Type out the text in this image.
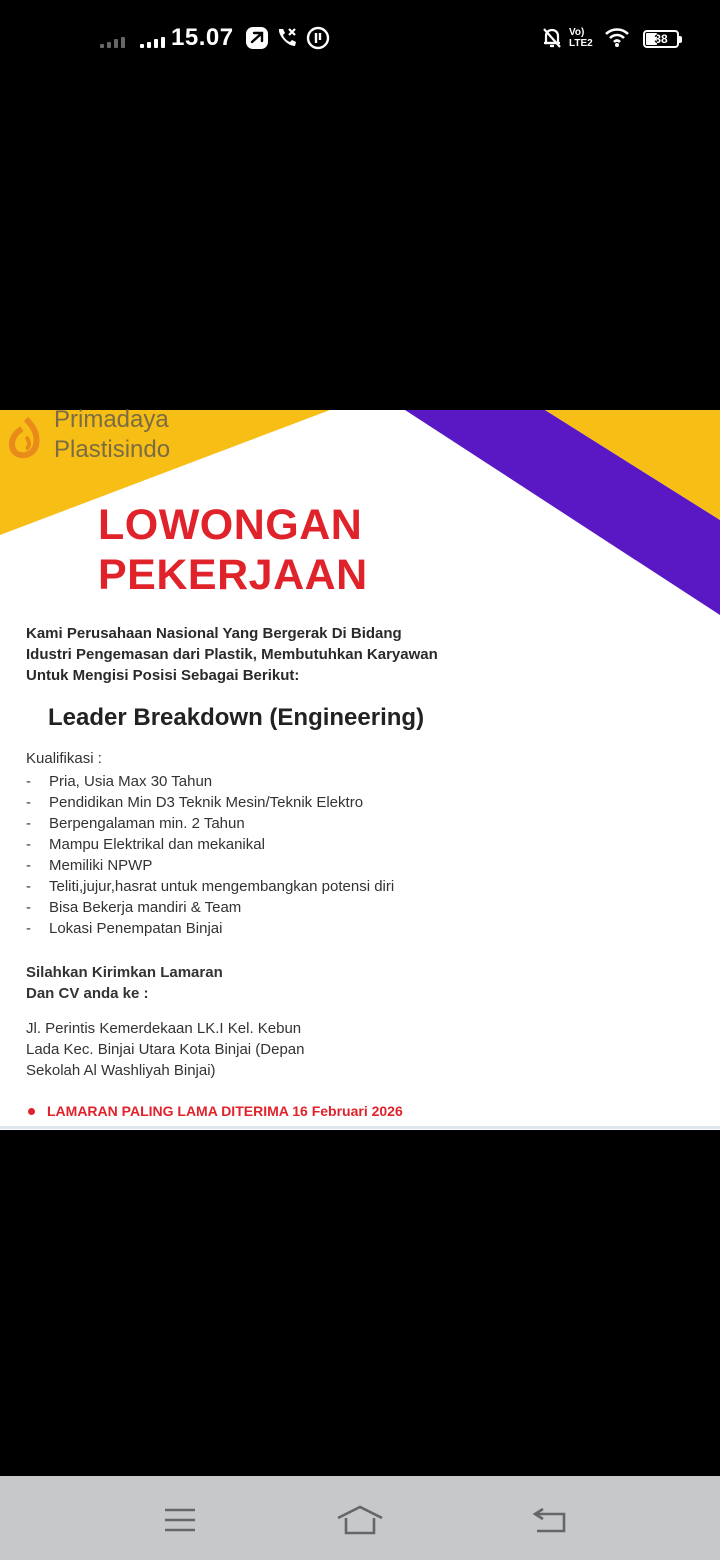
15.07	Vo)
LTE2	38
Primadaya
Plastisindo
LOWONGAN
PEKERJAAN
Kami Perusahaan Nasional Yang Bergerak Di Bidang
Idustri Pengemasan dari Plastik, Membutuhkan Karyawan
Untuk Mengisi Posisi Sebagai Berikut:
Leader Breakdown (Engineering)
Kualifikasi :
-	Pria, Usia Max 30 Tahun
-	Pendidikan Min D3 Teknik Mesin/Teknik Elektro
-	Berpengalaman min. 2 Tahun
-	Mampu Elektrikal dan mekanikal
-	Memiliki NPWP
-	Teliti,jujur,hasrat untuk mengembangkan potensi diri
-	Bisa Bekerja mandiri & Team
-	Lokasi Penempatan Binjai
Silahkan Kirimkan Lamaran
Dan CV anda ke :
Jl. Perintis Kemerdekaan LK.I Kel. Kebun
Lada Kec. Binjai Utara Kota Binjai (Depan
Sekolah Al Washliyah Binjai)
LAMARAN PALING LAMA DITERIMA 16 Februari 2026
